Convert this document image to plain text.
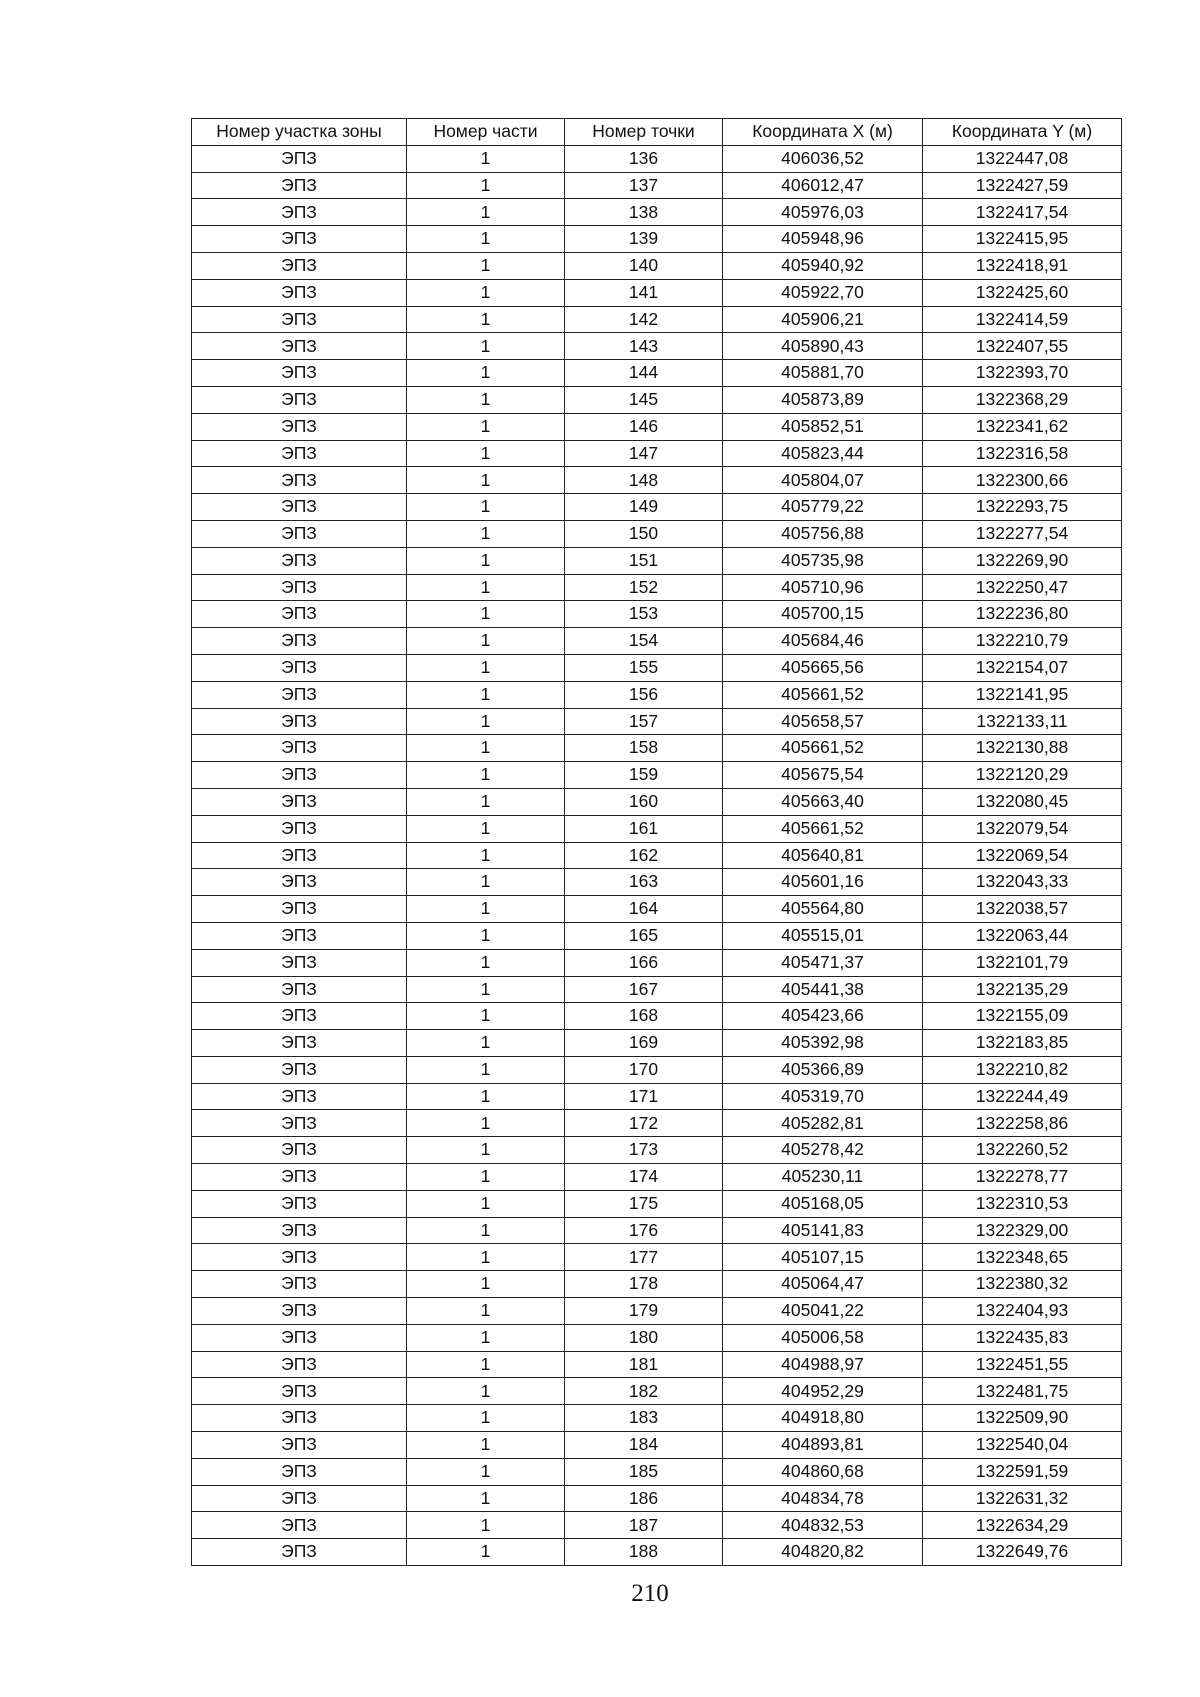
Номер участка зоны	Номер части	Номер точки	Координата X (м)	Координата Y (м)
ЭПЗ	1	136	406036,52	1322447,08
ЭПЗ	1	137	406012,47	1322427,59
ЭПЗ	1	138	405976,03	1322417,54
ЭПЗ	1	139	405948,96	1322415,95
ЭПЗ	1	140	405940,92	1322418,91
ЭПЗ	1	141	405922,70	1322425,60
ЭПЗ	1	142	405906,21	1322414,59
ЭПЗ	1	143	405890,43	1322407,55
ЭПЗ	1	144	405881,70	1322393,70
ЭПЗ	1	145	405873,89	1322368,29
ЭПЗ	1	146	405852,51	1322341,62
ЭПЗ	1	147	405823,44	1322316,58
ЭПЗ	1	148	405804,07	1322300,66
ЭПЗ	1	149	405779,22	1322293,75
ЭПЗ	1	150	405756,88	1322277,54
ЭПЗ	1	151	405735,98	1322269,90
ЭПЗ	1	152	405710,96	1322250,47
ЭПЗ	1	153	405700,15	1322236,80
ЭПЗ	1	154	405684,46	1322210,79
ЭПЗ	1	155	405665,56	1322154,07
ЭПЗ	1	156	405661,52	1322141,95
ЭПЗ	1	157	405658,57	1322133,11
ЭПЗ	1	158	405661,52	1322130,88
ЭПЗ	1	159	405675,54	1322120,29
ЭПЗ	1	160	405663,40	1322080,45
ЭПЗ	1	161	405661,52	1322079,54
ЭПЗ	1	162	405640,81	1322069,54
ЭПЗ	1	163	405601,16	1322043,33
ЭПЗ	1	164	405564,80	1322038,57
ЭПЗ	1	165	405515,01	1322063,44
ЭПЗ	1	166	405471,37	1322101,79
ЭПЗ	1	167	405441,38	1322135,29
ЭПЗ	1	168	405423,66	1322155,09
ЭПЗ	1	169	405392,98	1322183,85
ЭПЗ	1	170	405366,89	1322210,82
ЭПЗ	1	171	405319,70	1322244,49
ЭПЗ	1	172	405282,81	1322258,86
ЭПЗ	1	173	405278,42	1322260,52
ЭПЗ	1	174	405230,11	1322278,77
ЭПЗ	1	175	405168,05	1322310,53
ЭПЗ	1	176	405141,83	1322329,00
ЭПЗ	1	177	405107,15	1322348,65
ЭПЗ	1	178	405064,47	1322380,32
ЭПЗ	1	179	405041,22	1322404,93
ЭПЗ	1	180	405006,58	1322435,83
ЭПЗ	1	181	404988,97	1322451,55
ЭПЗ	1	182	404952,29	1322481,75
ЭПЗ	1	183	404918,80	1322509,90
ЭПЗ	1	184	404893,81	1322540,04
ЭПЗ	1	185	404860,68	1322591,59
ЭПЗ	1	186	404834,78	1322631,32
ЭПЗ	1	187	404832,53	1322634,29
ЭПЗ	1	188	404820,82	1322649,76
210
